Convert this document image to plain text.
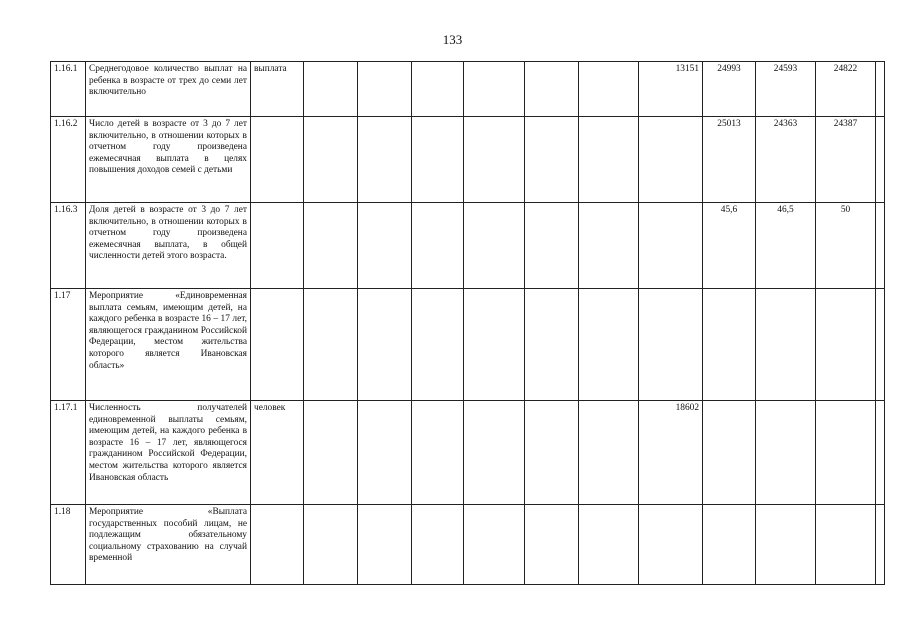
133
1.16.1	Среднегодовое количество выплат на ребенка в возрасте от трех до семи лет включительно	выплата							13151	24993	24593	24822	
1.16.2	Число детей в возрасте от 3 до 7 лет включительно, в отношении которых в отчетном году произведена ежемесячная выплата в целях повышения доходов семей с детьми									25013	24363	24387	
1.16.3	Доля детей в возрасте от 3 до 7 лет включительно, в отношении которых в отчетном году произведена ежемесячная выплата, в общей численности детей этого возраста.									45,6	46,5	50	
1.17	Мероприятие «Единовременная выплата семьям, имеющим детей, на каждого ребенка в возрасте 16 – 17 лет, являющегося гражданином Российской Федерации, местом жительства которого является Ивановская область»												
1.17.1	Численность получателей единовременной выплаты семьям, имеющим детей, на каждого ребенка в возрасте 16 – 17 лет, являющегося гражданином Российской Федерации, местом жительства которого является Ивановская область	человек							18602				
1.18	Мероприятие «Выплата государственных пособий лицам, не подлежащим обязательному социальному страхованию на случай временной												
